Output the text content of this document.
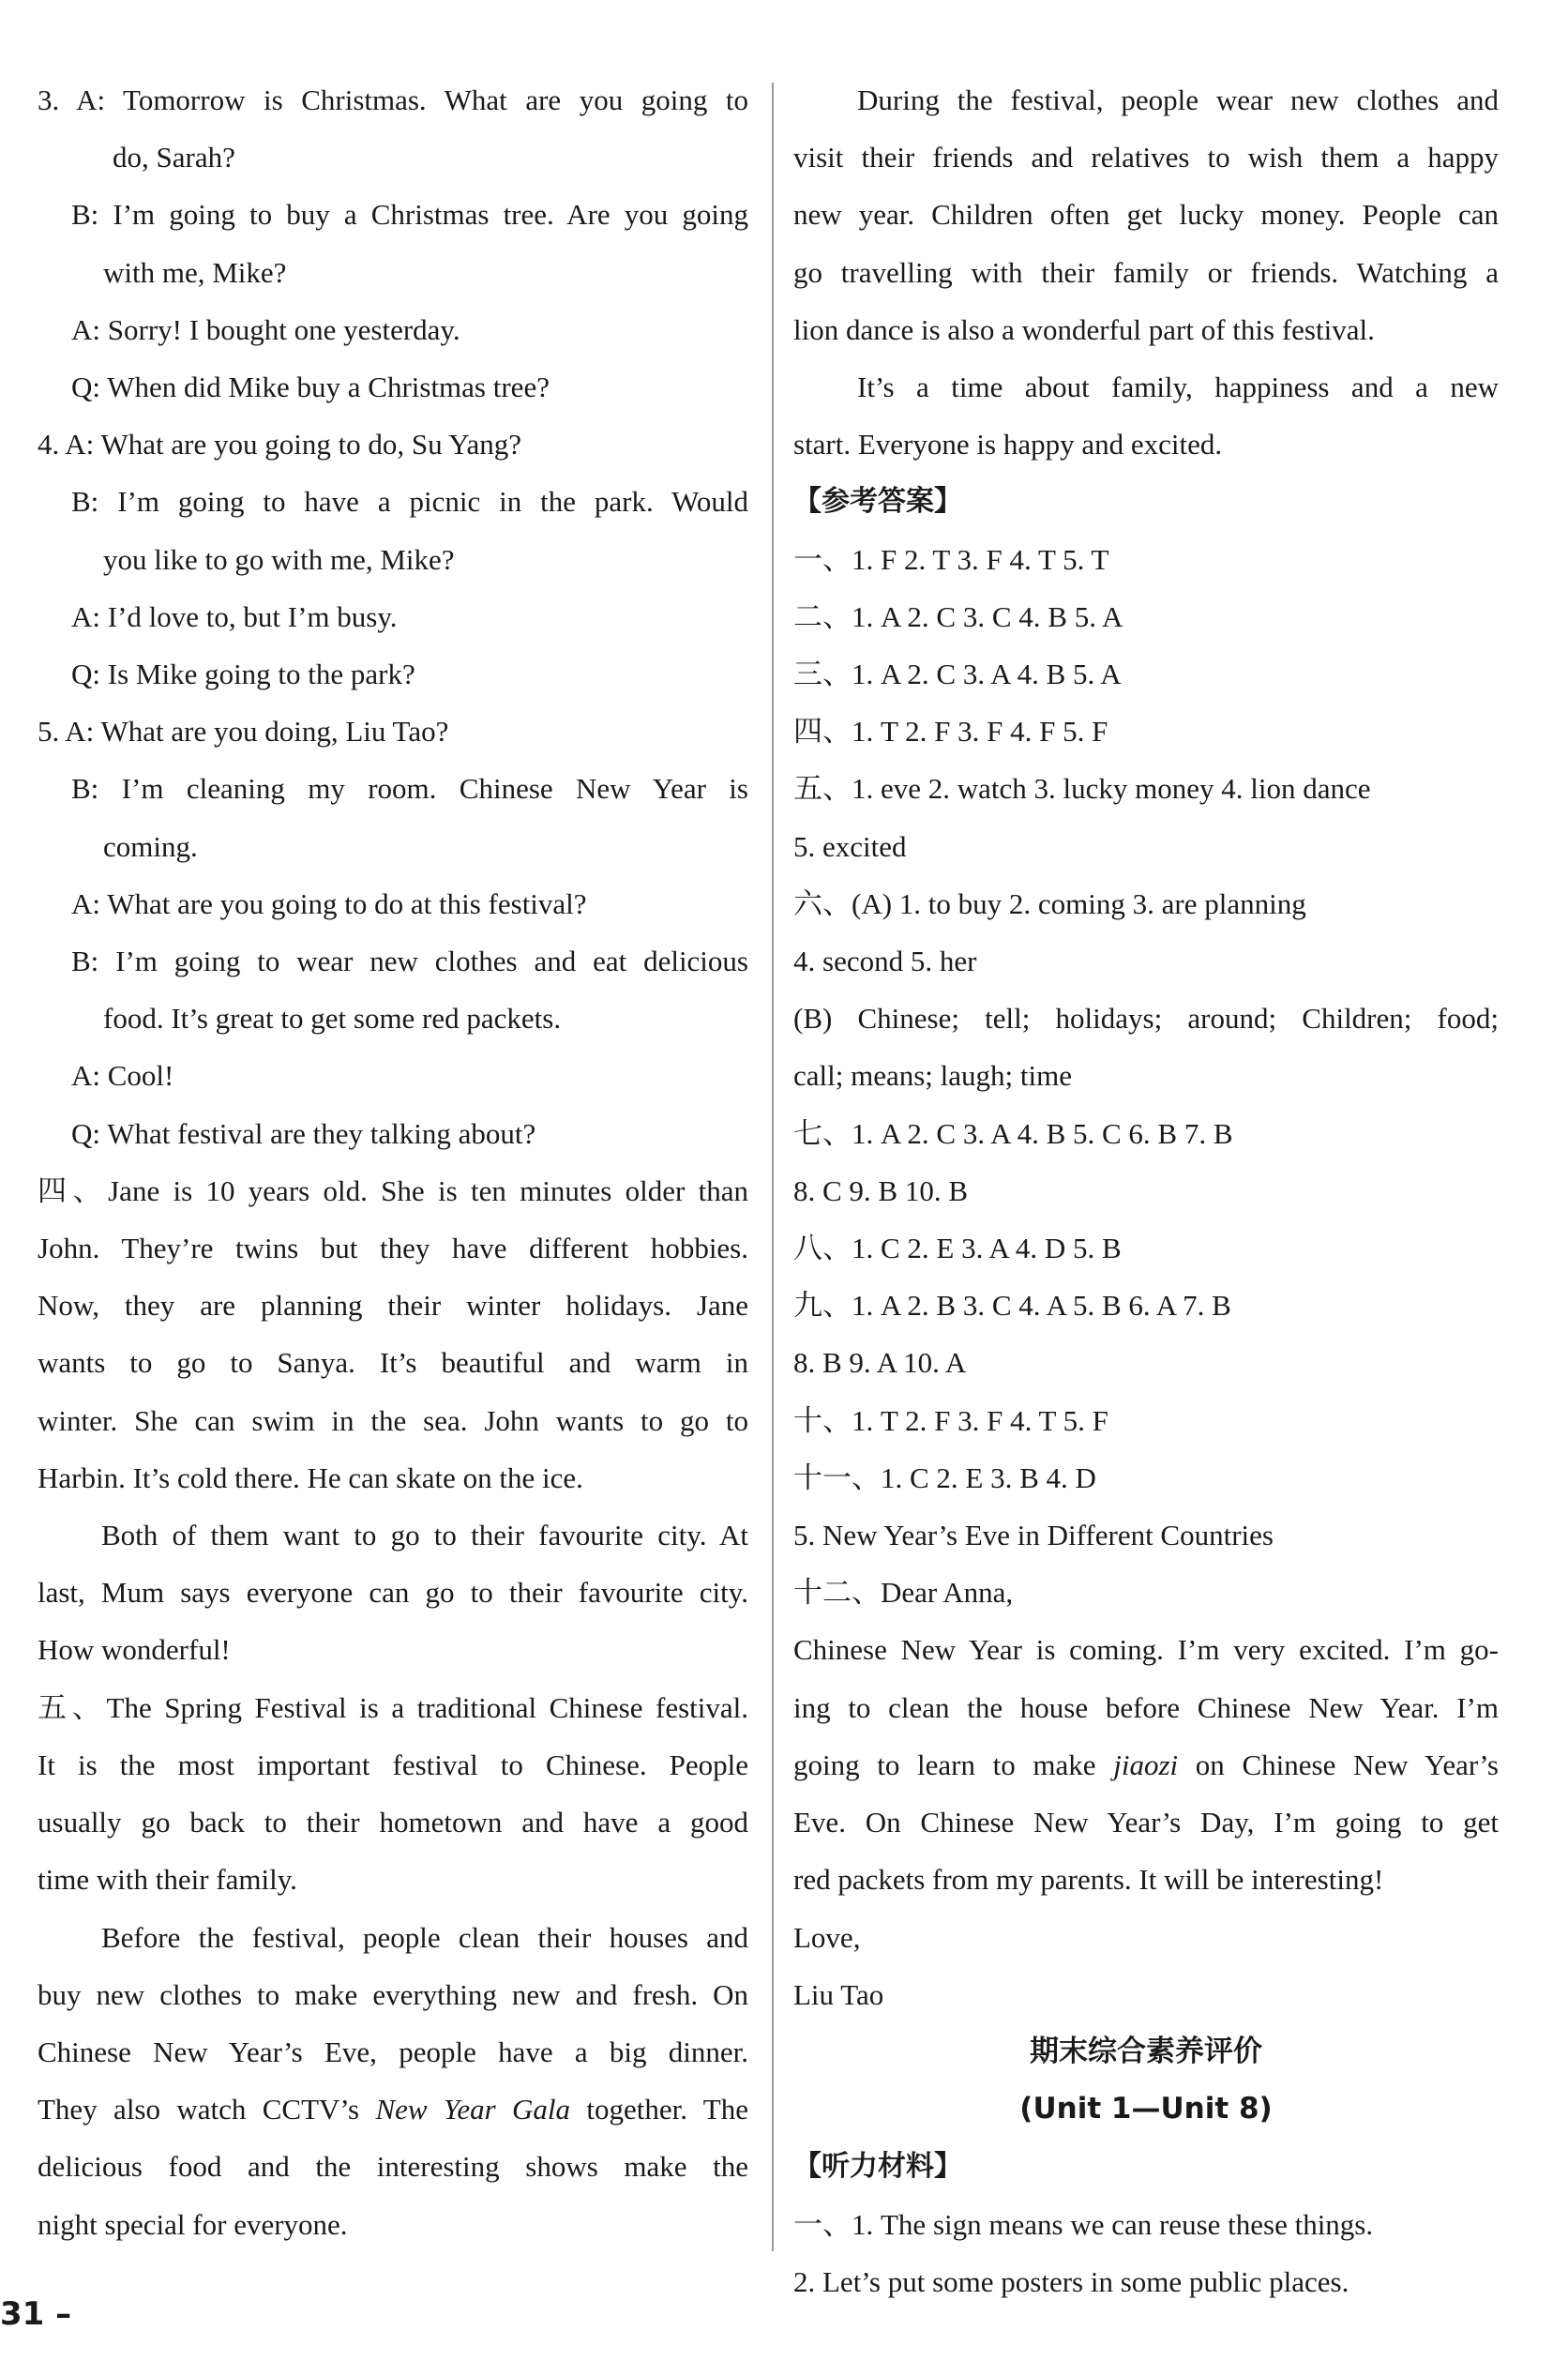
3. A: Tomorrow is Christmas. What are you going to
do, Sarah?
B: I’m going to buy a Christmas tree. Are you going
with me, Mike?
A: Sorry! I bought one yesterday.
Q: When did Mike buy a Christmas tree?
4. A: What are you going to do, Su Yang?
B: I’m going to have a picnic in the park. Would
you like to go with me, Mike?
A: I’d love to, but I’m busy.
Q: Is Mike going to the park?
5. A: What are you doing, Liu Tao?
B: I’m cleaning my room. Chinese New Year is
coming.
A: What are you going to do at this festival?
B: I’m going to wear new clothes and eat delicious
food. It’s great to get some red packets.
A: Cool!
Q: What festival are they talking about?
四、Jane is 10 years old. She is ten minutes older than
John. They’re twins but they have different hobbies.
Now, they are planning their winter holidays. Jane
wants to go to Sanya. It’s beautiful and warm in
winter. She can swim in the sea. John wants to go to
Harbin. It’s cold there. He can skate on the ice.
Both of them want to go to their favourite city. At
last, Mum says everyone can go to their favourite city.
How wonderful!
五、The Spring Festival is a traditional Chinese festival.
It is the most important festival to Chinese. People
usually go back to their hometown and have a good
time with their family.
Before the festival, people clean their houses and
buy new clothes to make everything new and fresh. On
Chinese New Year’s Eve, people have a big dinner.
They also watch CCTV’s New Year Gala together. The
delicious food and the interesting shows make the
night special for everyone.
During the festival, people wear new clothes and
visit their friends and relatives to wish them a happy
new year. Children often get lucky money. People can
go travelling with their family or friends. Watching a
lion dance is also a wonderful part of this festival.
It’s a time about family, happiness and a new
start. Everyone is happy and excited.
【参考答案】
一、1. F 2. T 3. F 4. T 5. T
二、1. A 2. C 3. C 4. B 5. A
三、1. A 2. C 3. A 4. B 5. A
四、1. T 2. F 3. F 4. F 5. F
五、1. eve 2. watch 3. lucky money 4. lion dance
5. excited
六、(A) 1. to buy 2. coming 3. are planning
4. second 5. her
(B) Chinese; tell; holidays; around; Children; food;
call; means; laugh; time
七、1. A 2. C 3. A 4. B 5. C 6. B 7. B
8. C 9. B 10. B
八、1. C 2. E 3. A 4. D 5. B
九、1. A 2. B 3. C 4. A 5. B 6. A 7. B
8. B 9. A 10. A
十、1. T 2. F 3. F 4. T 5. F
十一、1. C 2. E 3. B 4. D
5. New Year’s Eve in Different Countries
十二、Dear Anna,
Chinese New Year is coming. I’m very excited. I’m go-
ing to clean the house before Chinese New Year. I’m
going to learn to make jiaozi on Chinese New Year’s
Eve. On Chinese New Year’s Day, I’m going to get
red packets from my parents. It will be interesting!
Love,
Liu Tao
期末综合素养评价
(Unit 1—Unit 8)
【听力材料】
一、1. The sign means we can reuse these things.
2. Let’s put some posters in some public places.
31 –
